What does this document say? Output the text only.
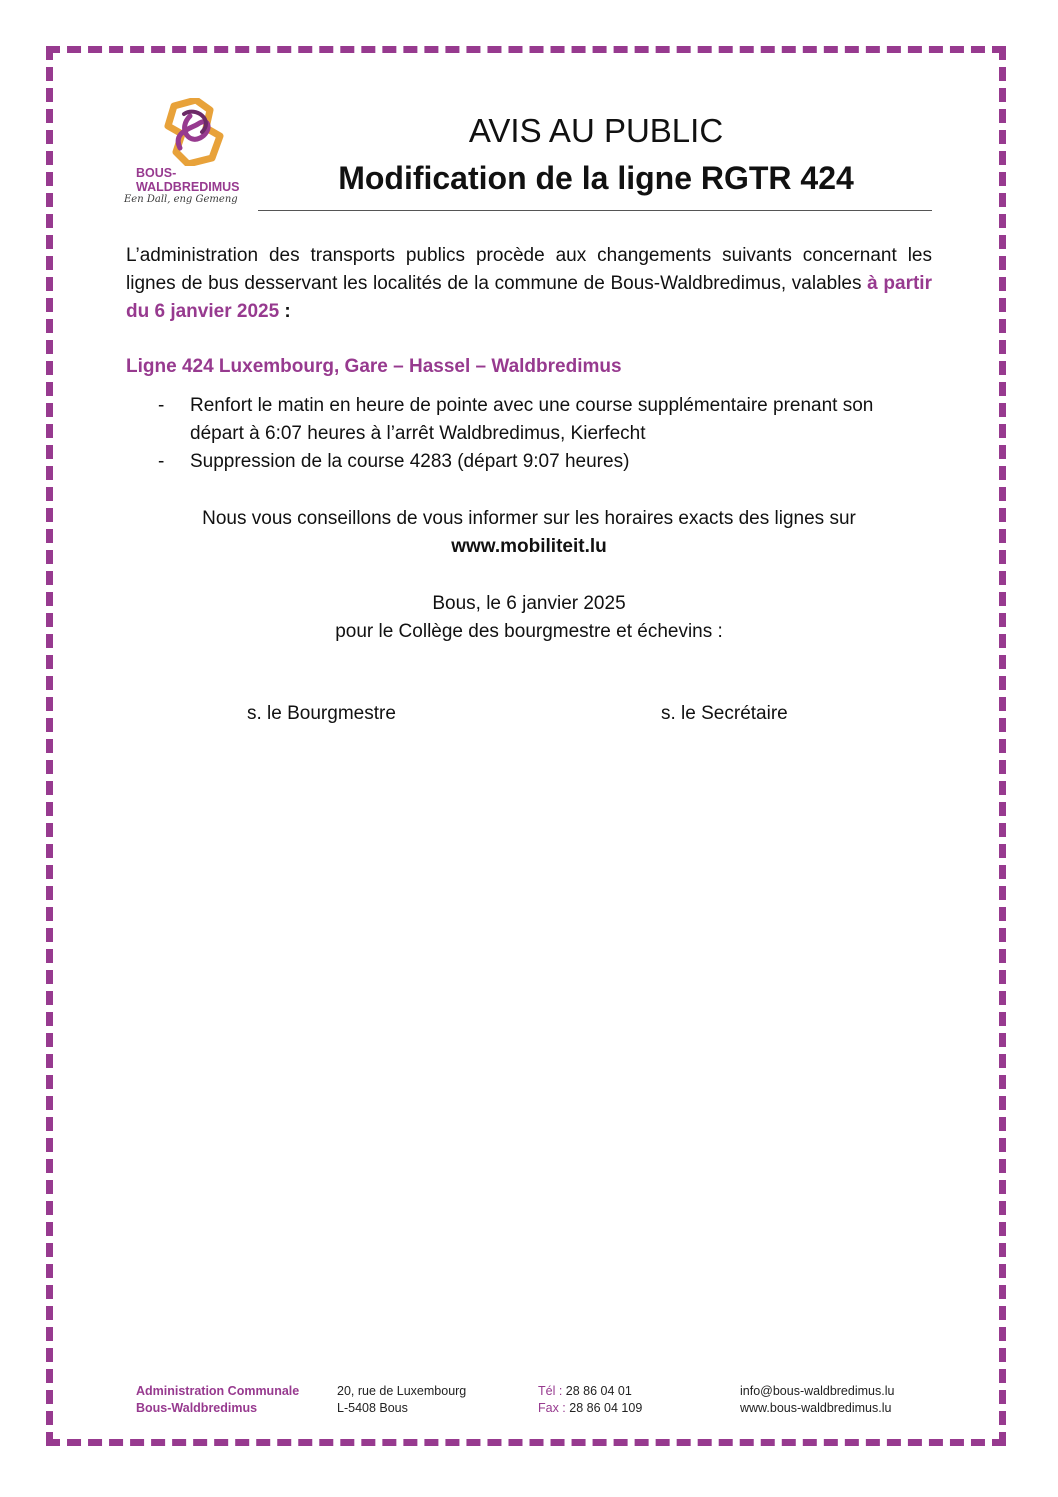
BOUS-
WALDBREDIMUS
Een Dall, eng Gemeng
AVIS AU PUBLIC
Modification de la ligne RGTR 424

L’administration des transports publics procède aux changements suivants concernant les lignes de bus desservant les localités de la commune de Bous-Waldbredimus, valables à partir du 6 janvier 2025 :

Ligne 424 Luxembourg, Gare – Hassel – Waldbredimus
- Renfort le matin en heure de pointe avec une course supplémentaire prenant son départ à 6:07 heures à l’arrêt Waldbredimus, Kierfecht
- Suppression de la course 4283 (départ 9:07 heures)
Nous vous conseillons de vous informer sur les horaires exacts des lignes sur
www.mobiliteit.lu
Bous, le 6 janvier 2025
pour le Collège des bourgmestre et échevins :
s. le Bourgmestre	s. le Secrétaire
Administration Communale
Bous-Waldbredimus
20, rue de Luxembourg
L-5408 Bous
Tél : 28 86 04 01
Fax : 28 86 04 109
info@bous-waldbredimus.lu
www.bous-waldbredimus.lu
